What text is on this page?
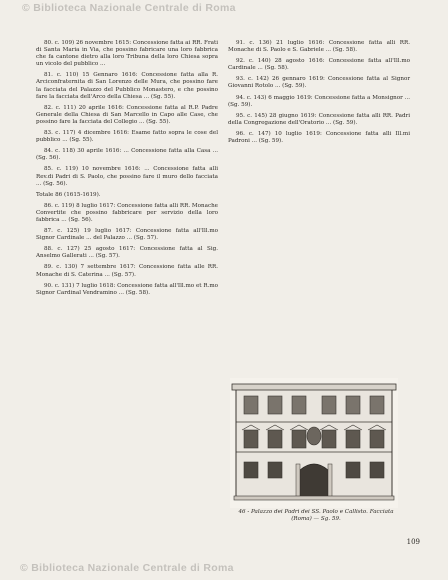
© Biblioteca Nazionale Centrale di Roma

80. c. 109) 26 novembre 1615: Concessione fatta ai RR. Frati di Santa Maria in Via, che possino fabricare una loro fabbrica che fa cantone dietro alla loro Tribuna della loro Chiesa sopra un vicolo del pubblico ...

81. c. 110) 15 Gennaro 1616: Concessione fatta alla R. Arciconfraternita di San Lorenzo delle Mura, che possino fare la facciata del Palazzo del Pubblico Monastero, e che possino fare la facciata dell'Arco della Chiesa ... (Sg. 55).

82. c. 111) 20 aprile 1616: Concessione fatta al R.P. Padre Generale della Chiesa di San Marcello in Capo alle Case, che possino fare la facciata del Collegio ... (Sg. 55).

83. c. 117) 4 dicembre 1616: Esame fatto sopra le cose del pubblico ... (Sg. 55).

84. c. 118) 30 aprile 1616: ... Concessione fatta alla Casa ... (Sg. 56).

85. c. 119) 10 novembre 1616: ... Concessione fatta alli Rev.di Padri di S. Paolo, che possino fare il muro dello facciata ... (Sg. 56).

Totale 86 (1615-1619).

86. c. 119) 8 luglio 1617: Concessione fatta alli RR. Monache Convertite che possino fabbricare per servizio della loro fabbrica ... (Sg. 56).

87. c. 125) 19 luglio 1617: Concessione fatta all'Ill.mo Signor Cardinale ... del Palazzo ... (Sg. 57).

88. c. 127) 25 agosto 1617: Concessione fatta al Sig. Anselmo Gallerati ... (Sg. 57).

89. c. 130) 7 settembre 1617: Concessione fatta alle RR. Monache di S. Caterina ... (Sg. 57).

90. c. 131) 7 luglio 1618: Concessione fatta all'Ill.mo et R.mo Signor Cardinal Vendramino ... (Sg. 58).

91. c. 136) 21 luglio 1616: Concessione fatta alli RR. Monache di S. Paolo e S. Gabriele ... (Sg. 58).

92. c. 140) 28 agosto 1616: Concessione fatta all'Ill.mo Cardinale ... (Sg. 58).

93. c. 142) 26 gennaro 1619: Concessione fatta al Signor Giovanni Rotolo ... (Sg. 59).

94. c. 143) 6 maggio 1619: Concessione fatta a Monsignor ... (Sg. 59).

95. c. 145) 28 giugno 1619: Concessione fatta alli RR. Padri della Congregazione dell'Oratorio ... (Sg. 59).

96. c. 147) 10 luglio 1619: Concessione fatta alli Ill.mi Padroni ... (Sg. 59).

46 - Palazzo dei Padri dei SS. Paolo e Callisto. Facciata (Roma) — Sg. 59.
109
© Biblioteca Nazionale Centrale di Roma
